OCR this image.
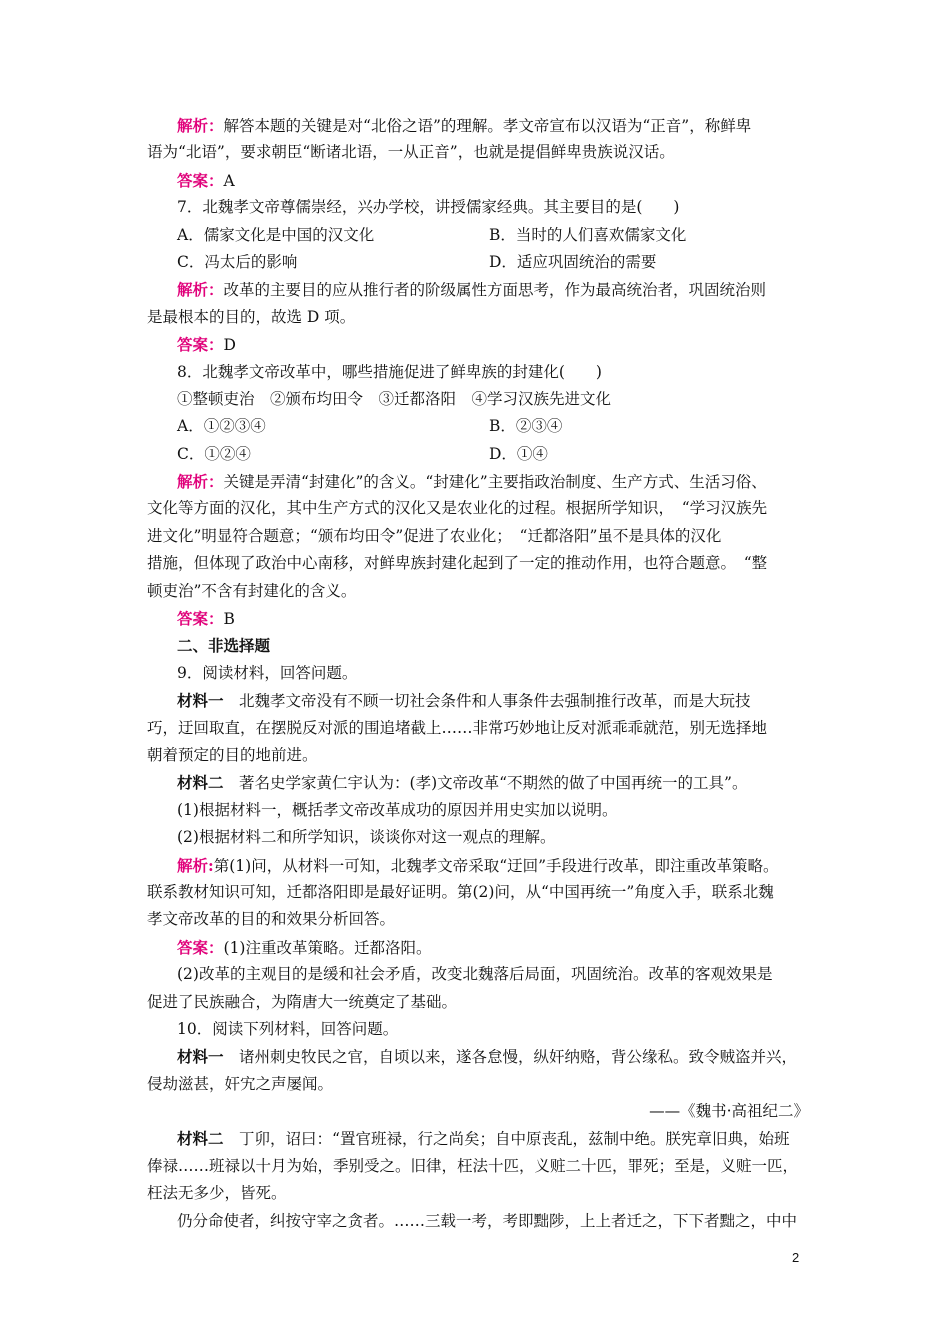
解析：解答本题的关键是对“北俗之语”的理解。孝文帝宣布以汉语为“正音”，称鲜卑
语为“北语”，要求朝臣“断诸北语，一从正音”，也就是提倡鲜卑贵族说汉话。
答案：A
7．北魏孝文帝尊儒崇经，兴办学校，讲授儒家经典。其主要目的是(　　)
A．儒家文化是中国的汉文化	B．当时的人们喜欢儒家文化
C．冯太后的影响	D．适应巩固统治的需要
解析：改革的主要目的应从推行者的阶级属性方面思考，作为最高统治者，巩固统治则
是最根本的目的，故选 D 项。
答案：D
8．北魏孝文帝改革中，哪些措施促进了鲜卑族的封建化(　　)
①整顿吏治　②颁布均田令　③迁都洛阳　④学习汉族先进文化
A．①②③④	B．②③④
C．①②④	D．①④
解析：关键是弄清“封建化”的含义。“封建化”主要指政治制度、生产方式、生活习俗、
文化等方面的汉化，其中生产方式的汉化又是农业化的过程。根据所学知识，　“学习汉族先
进文化”明显符合题意；“颁布均田令”促进了农业化；　“迁都洛阳”虽不是具体的汉化
措施，但体现了政治中心南移，对鲜卑族封建化起到了一定的推动作用，也符合题意。　“整
顿吏治”不含有封建化的含义。
答案：B
二、非选择题
9．阅读材料，回答问题。
材料一　北魏孝文帝没有不顾一切社会条件和人事条件去强制推行改革，而是大玩技
巧，迂回取直，在摆脱反对派的围追堵截上……非常巧妙地让反对派乖乖就范，别无选择地
朝着预定的目的地前进。
材料二　著名史学家黄仁宇认为：(孝)文帝改革“不期然的做了中国再统一的工具”。
(1)根据材料一，概括孝文帝改革成功的原因并用史实加以说明。
(2)根据材料二和所学知识，谈谈你对这一观点的理解。
解析:第(1)问，从材料一可知，北魏孝文帝采取“迂回”手段进行改革，即注重改革策略。
联系教材知识可知，迁都洛阳即是最好证明。第(2)问，从“中国再统一”角度入手，联系北魏
孝文帝改革的目的和效果分析回答。
答案：(1)注重改革策略。迁都洛阳。
(2)改革的主观目的是缓和社会矛盾，改变北魏落后局面，巩固统治。改革的客观效果是
促进了民族融合，为隋唐大一统奠定了基础。
10．阅读下列材料，回答问题。
材料一　诸州刺史牧民之官，自顷以来，遂各怠慢，纵奸纳赂，背公缘私。致令贼盗并兴，
侵劫滋甚，奸宄之声屡闻。
——《魏书·高祖纪二》
材料二　丁卯，诏曰：“置官班禄，行之尚矣；自中原丧乱，兹制中绝。朕宪章旧典，始班
俸禄……班禄以十月为始，季别受之。旧律，枉法十匹，义赃二十匹，罪死；至是，义赃一匹，
枉法无多少，皆死。
仍分命使者，纠按守宰之贪者。……三载一考，考即黜陟，上上者迁之，下下者黜之，中中
2
